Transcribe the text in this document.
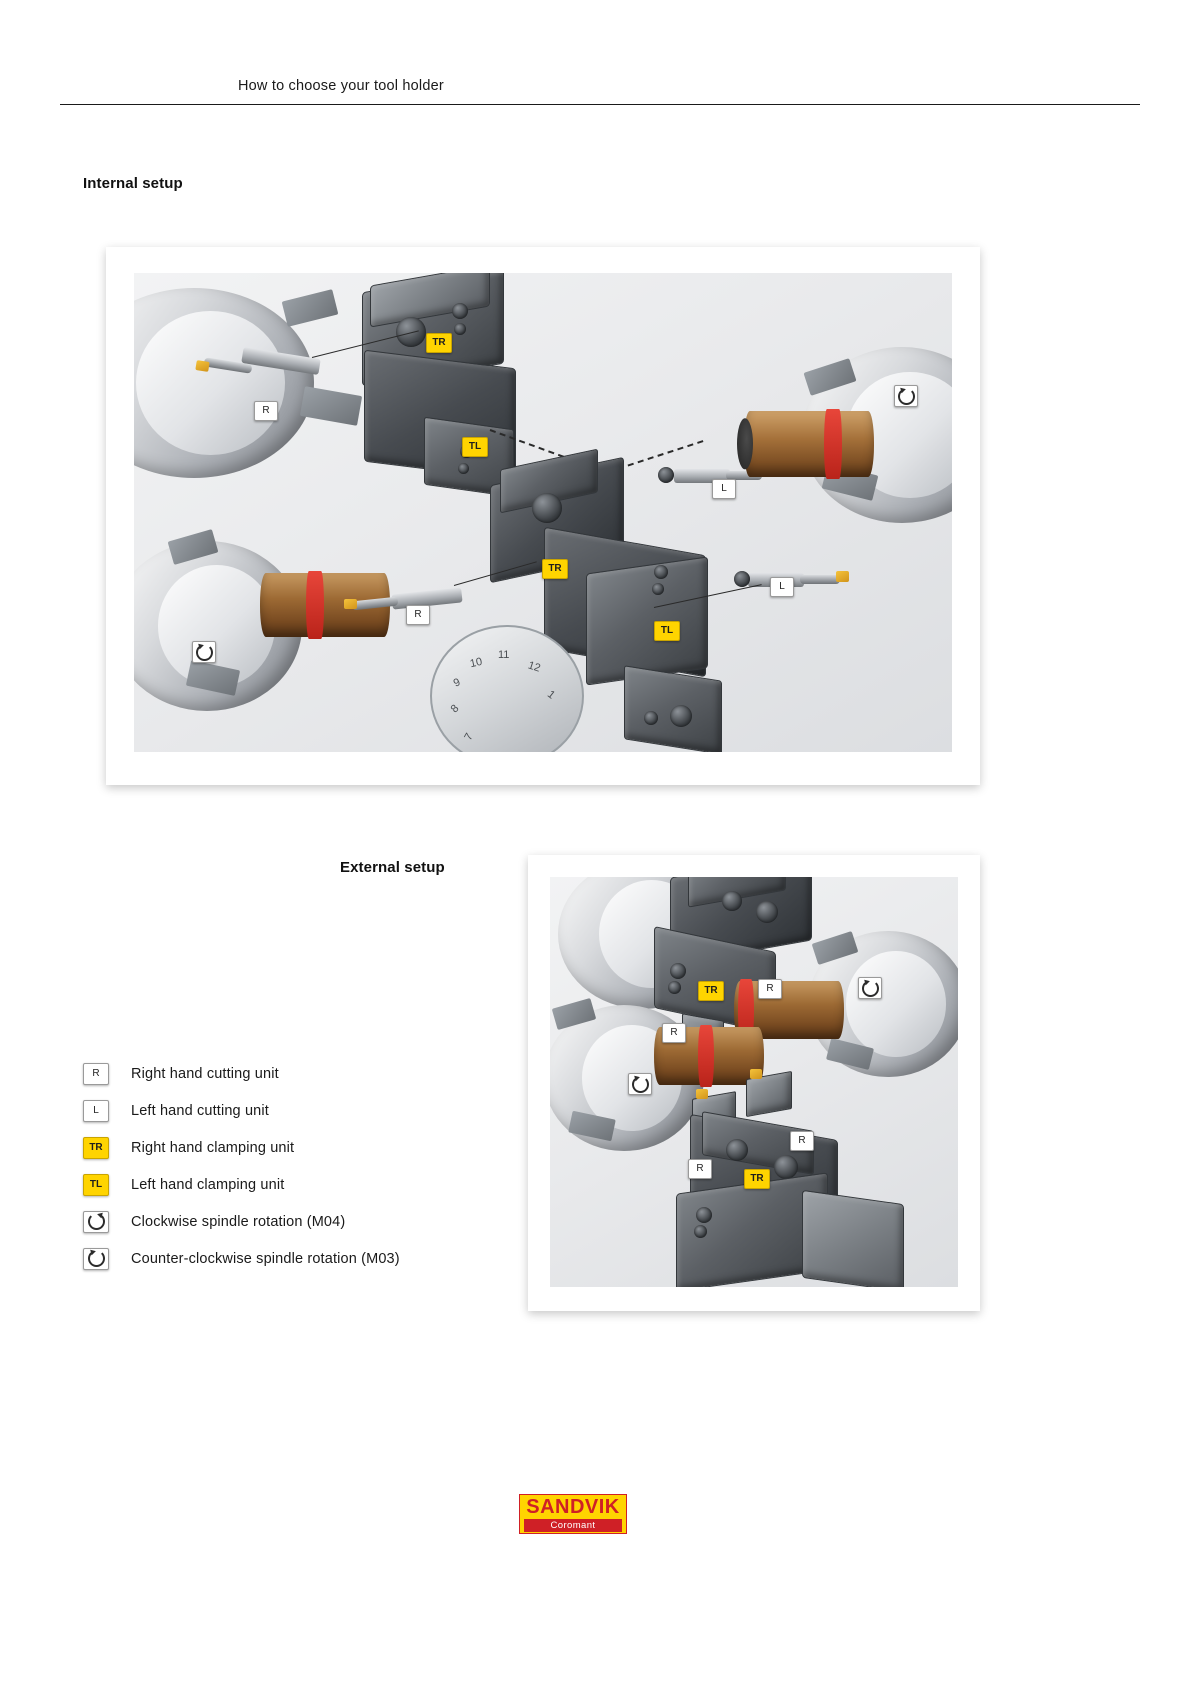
How to choose your tool holder
Internal setup
External setup
7
8
9
10
11
12
1
TR
R
TL
L
TR
R
TL
L
TR	R
R
R
R
TR
R	Right hand cutting unit
L	Left hand cutting unit
TR	Right hand clamping unit
TL	Left hand clamping unit
Clockwise spindle rotation (M04)
Counter-clockwise spindle rotation (M03)
SANDVIK
Coromant
